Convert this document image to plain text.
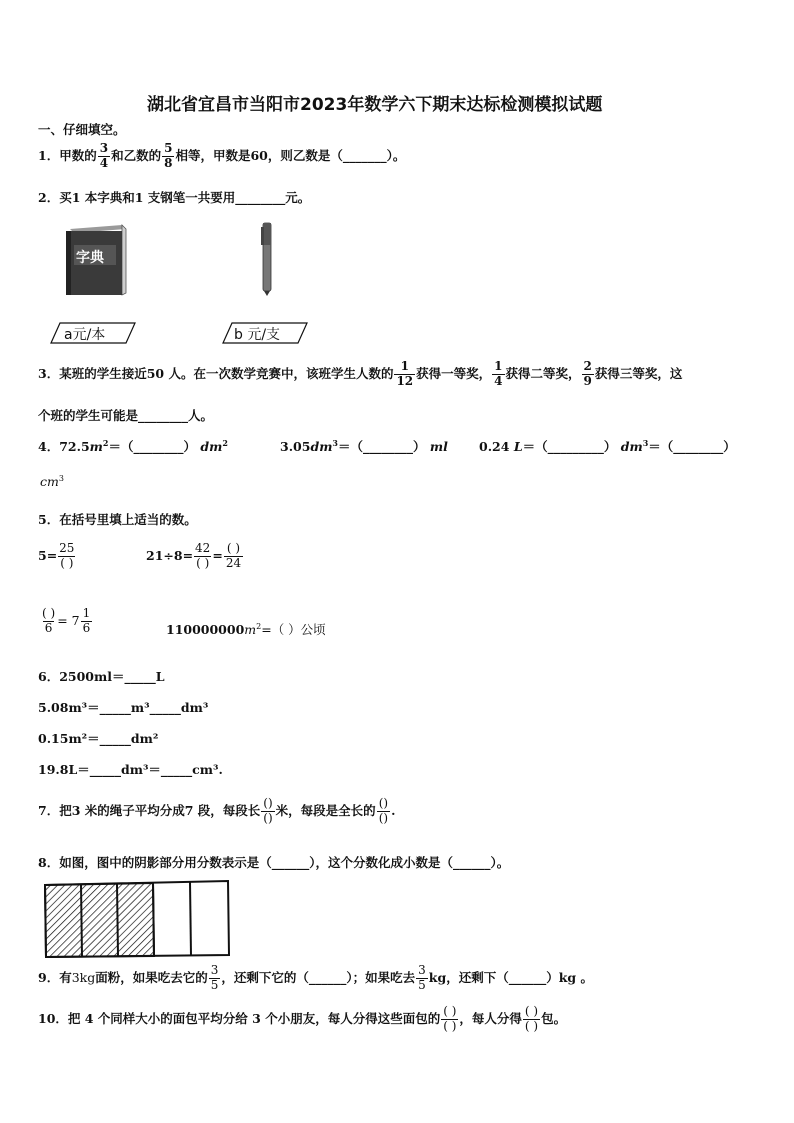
湖北省宜昌市当阳市2023年数学六下期末达标检测模拟试题
一、仔细填空。
1．甲数的 $\frac{3}{4}$ 和乙数的 $\frac{5}{8}$ 相等，甲数是60，则乙数是（_______）。
2．买1 本字典和1 支钢笔一共要用________元。
字典
a元/本	b 元/支
3．某班的学生接近50 人。在一次数学竞赛中，该班学生人数的 $\frac{1}{12}$ 获得一等奖， $\frac{1}{4}$ 获得二等奖， $\frac{2}{9}$ 获得三等奖，这
个班的学生可能是________人。
4．$72.5m^2=(\_\_\_\_\_\_\_\_)$ $dm^2$	$3.05dm^3=(\_\_\_\_\_\_\_\_)$ ml 0.24 L＝（_________） $dm^3=(\_\_\_\_\_\_\_\_)$
$cm^3$
5．在括号里填上适当的数。
$5= \frac{25}{( )}$	$21\div 8= \frac{42}{( )} = \frac{( )}{24}$
$\frac{( )}{6} = 7 \frac{1}{6}$	$110000000m^2=$（ ）公顷
6．2500ml＝_____L
5.08m³＝_____m³_____dm³
0.15m²＝_____dm²
19.8L＝_____dm³＝_____cm³.
7．把3 米的绳子平均分成7 段，每段长 $\frac{()}{()}$ 米，每段是全长的 $\frac{()}{()}$ .
8．如图，图中的阴影部分用分数表示是（______），这个分数化成小数是（______）。
9．有3kg面粉，如果吃去它的 $\frac{3}{5}$ ，还剩下它的（______）；如果吃去 $\frac{3}{5}$ kg，还剩下（______）kg 。
10．把 4 个同样大小的面包平均分给 3 个小朋友，每人分得这些面包的 $\frac{( )}{( )}$ ，每人分得 $\frac{( )}{( )}$ 包。
